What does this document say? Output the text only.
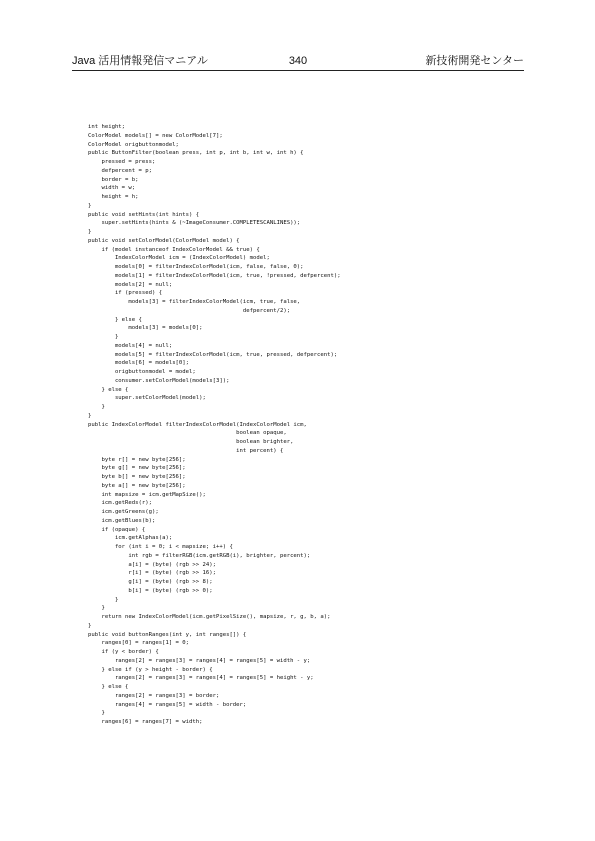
Java 活用情報発信マニアル	340	新技術開発センター
int height;
ColorModel models[] = new ColorModel[7];
ColorModel origbuttonmodel;
public ButtonFilter(boolean press, int p, int b, int w, int h) {
pressed = press;
defpercent = p;
border = b;
width = w;
height = h;
}
public void setHints(int hints) {
super.setHints(hints & (~ImageConsumer.COMPLETESCANLINES));
}
public void setColorModel(ColorModel model) {
if (model instanceof IndexColorModel && true) {
IndexColorModel icm = (IndexColorModel) model;
models[0] = filterIndexColorModel(icm, false, false, 0);
models[1] = filterIndexColorModel(icm, true, !pressed, defpercent);
models[2] = null;
if (pressed) {
models[3] = filterIndexColorModel(icm, true, false,
defpercent/2);
} else {
models[3] = models[0];
}
models[4] = null;
models[5] = filterIndexColorModel(icm, true, pressed, defpercent);
models[6] = models[0];
origbuttonmodel = model;
consumer.setColorModel(models[3]);
} else {
super.setColorModel(model);
}
}
public IndexColorModel filterIndexColorModel(IndexColorModel icm,
boolean opaque,
boolean brighter,
int percent) {
byte r[] = new byte[256];
byte g[] = new byte[256];
byte b[] = new byte[256];
byte a[] = new byte[256];
int mapsize = icm.getMapSize();
icm.getReds(r);
icm.getGreens(g);
icm.getBlues(b);
if (opaque) {
icm.getAlphas(a);
for (int i = 0; i < mapsize; i++) {
int rgb = filterRGB(icm.getRGB(i), brighter, percent);
a[i] = (byte) (rgb >> 24);
r[i] = (byte) (rgb >> 16);
g[i] = (byte) (rgb >> 8);
b[i] = (byte) (rgb >> 0);
}
}
return new IndexColorModel(icm.getPixelSize(), mapsize, r, g, b, a);
}
public void buttonRanges(int y, int ranges[]) {
ranges[0] = ranges[1] = 0;
if (y < border) {
ranges[2] = ranges[3] = ranges[4] = ranges[5] = width - y;
} else if (y > height - border) {
ranges[2] = ranges[3] = ranges[4] = ranges[5] = height - y;
} else {
ranges[2] = ranges[3] = border;
ranges[4] = ranges[5] = width - border;
}
ranges[6] = ranges[7] = width;
